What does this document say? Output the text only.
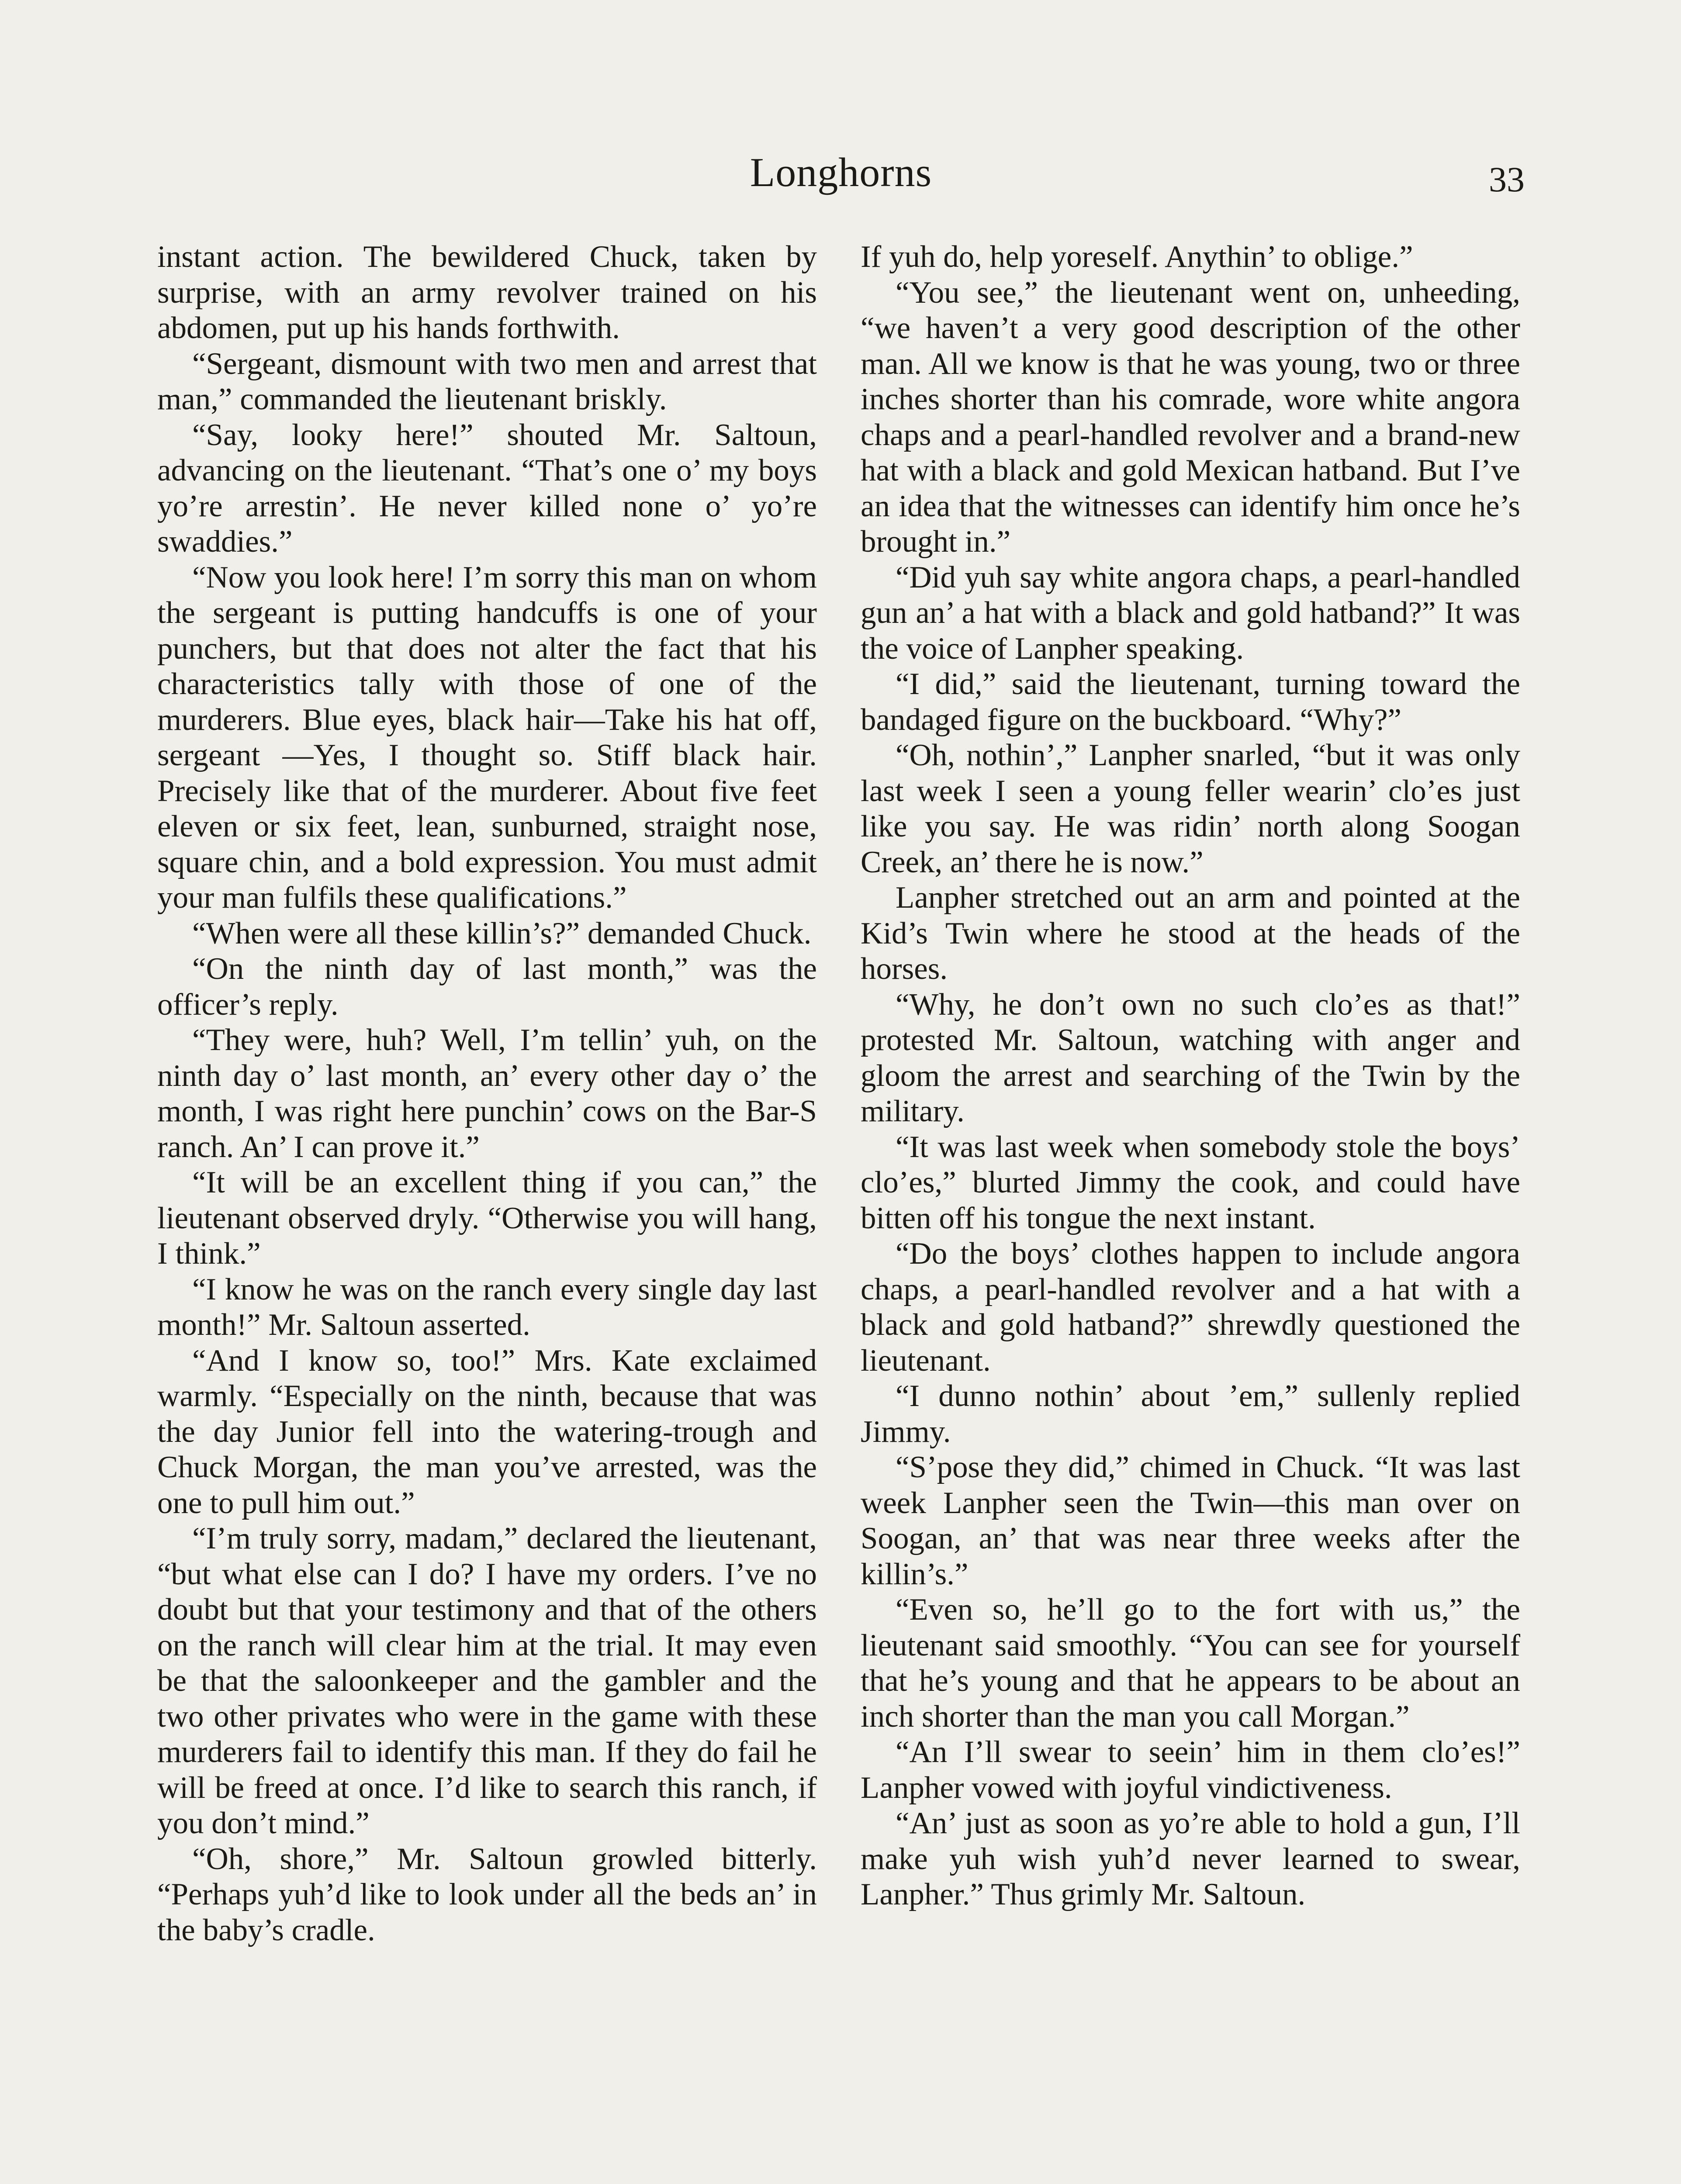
Longhorns	33

instant action. The bewildered Chuck, taken by surprise, with an army revolver trained on his abdomen, put up his hands forthwith.

“Sergeant, dismount with two men and arrest that man,” commanded the lieutenant briskly.

“Say, looky here!” shouted Mr. Saltoun, advancing on the lieutenant. “That’s one o’ my boys yo’re arrestin’. He never killed none o’ yo’re swaddies.”

“Now you look here! I’m sorry this man on whom the sergeant is putting handcuffs is one of your punchers, but that does not alter the fact that his characteristics tally with those of one of the murderers. Blue eyes, black hair—Take his hat off, sergeant —Yes, I thought so. Stiff black hair. Precisely like that of the murderer. About five feet eleven or six feet, lean, sunburned, straight nose, square chin, and a bold expression. You must admit your man fulfils these qualifications.”

“When were all these killin’s?” demanded Chuck.

“On the ninth day of last month,” was the officer’s reply.

“They were, huh? Well, I’m tellin’ yuh, on the ninth day o’ last month, an’ every other day o’ the month, I was right here punchin’ cows on the Bar-S ranch. An’ I can prove it.”

“It will be an excellent thing if you can,” the lieutenant observed dryly. “Otherwise you will hang, I think.”

“I know he was on the ranch every single day last month!” Mr. Saltoun asserted.

“And I know so, too!” Mrs. Kate exclaimed warmly. “Especially on the ninth, because that was the day Junior fell into the watering-trough and Chuck Morgan, the man you’ve arrested, was the one to pull him out.”

“I’m truly sorry, madam,” declared the lieutenant, “but what else can I do? I have my orders. I’ve no doubt but that your testimony and that of the others on the ranch will clear him at the trial. It may even be that the saloonkeeper and the gambler and the two other privates who were in the game with these murderers fail to identify this man. If they do fail he will be freed at once. I’d like to search this ranch, if you don’t mind.”

“Oh, shore,” Mr. Saltoun growled bitterly. “Perhaps yuh’d like to look under all the beds an’ in the baby’s cradle.

If yuh do, help yoreself. Anythin’ to oblige.”

“You see,” the lieutenant went on, unheeding, “we haven’t a very good description of the other man. All we know is that he was young, two or three inches shorter than his comrade, wore white angora chaps and a pearl-handled revolver and a brand-new hat with a black and gold Mexican hatband. But I’ve an idea that the witnesses can identify him once he’s brought in.”

“Did yuh say white angora chaps, a pearl-handled gun an’ a hat with a black and gold hatband?” It was the voice of Lanpher speaking.

“I did,” said the lieutenant, turning toward the bandaged figure on the buckboard. “Why?”

“Oh, nothin’,” Lanpher snarled, “but it was only last week I seen a young feller wearin’ clo’es just like you say. He was ridin’ north along Soogan Creek, an’ there he is now.”

Lanpher stretched out an arm and pointed at the Kid’s Twin where he stood at the heads of the horses.

“Why, he don’t own no such clo’es as that!” protested Mr. Saltoun, watching with anger and gloom the arrest and searching of the Twin by the military.

“It was last week when somebody stole the boys’ clo’es,” blurted Jimmy the cook, and could have bitten off his tongue the next instant.

“Do the boys’ clothes happen to include angora chaps, a pearl-handled revolver and a hat with a black and gold hatband?” shrewdly questioned the lieutenant.

“I dunno nothin’ about ’em,” sullenly replied Jimmy.

“S’pose they did,” chimed in Chuck. “It was last week Lanpher seen the Twin—this man over on Soogan, an’ that was near three weeks after the killin’s.”

“Even so, he’ll go to the fort with us,” the lieutenant said smoothly. “You can see for yourself that he’s young and that he appears to be about an inch shorter than the man you call Morgan.”

“An I’ll swear to seein’ him in them clo’es!” Lanpher vowed with joyful vindictiveness.

“An’ just as soon as yo’re able to hold a gun, I’ll make yuh wish yuh’d never learned to swear, Lanpher.” Thus grimly Mr. Saltoun.
